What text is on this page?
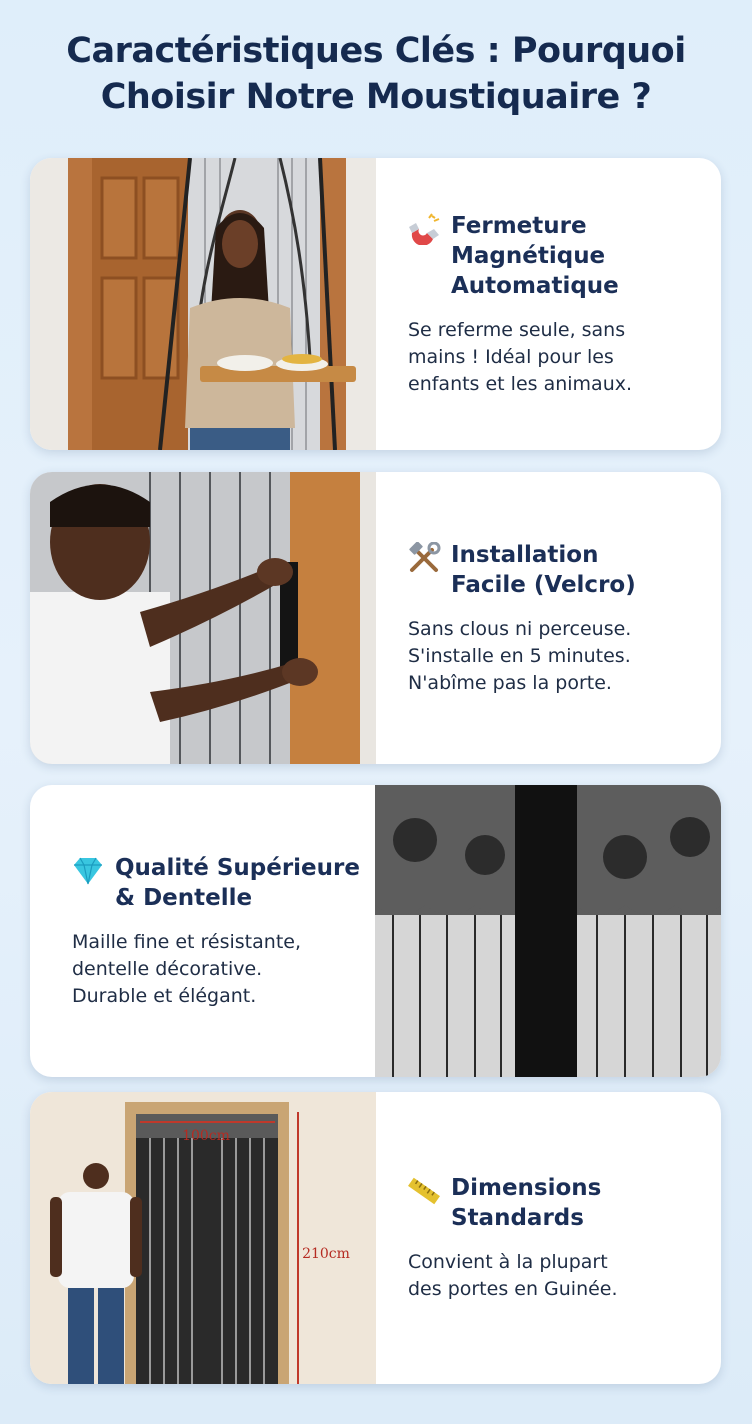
Caractéristiques Clés : Pourquoi
Choisir Notre Moustiquaire ?
Fermeture
Magnétique
Automatique
Se referme seule, sans
mains ! Idéal pour les
enfants et les animaux.
Installation
Facile (Velcro)
Sans clous ni perceuse.
S'installe en 5 minutes.
N'abîme pas la porte.
Qualité Supérieure
& Dentelle
Maille fine et résistante,
dentelle décorative.
Durable et élégant.
100cm
210cm
Dimensions
Standards
Convient à la plupart
des portes en Guinée.
